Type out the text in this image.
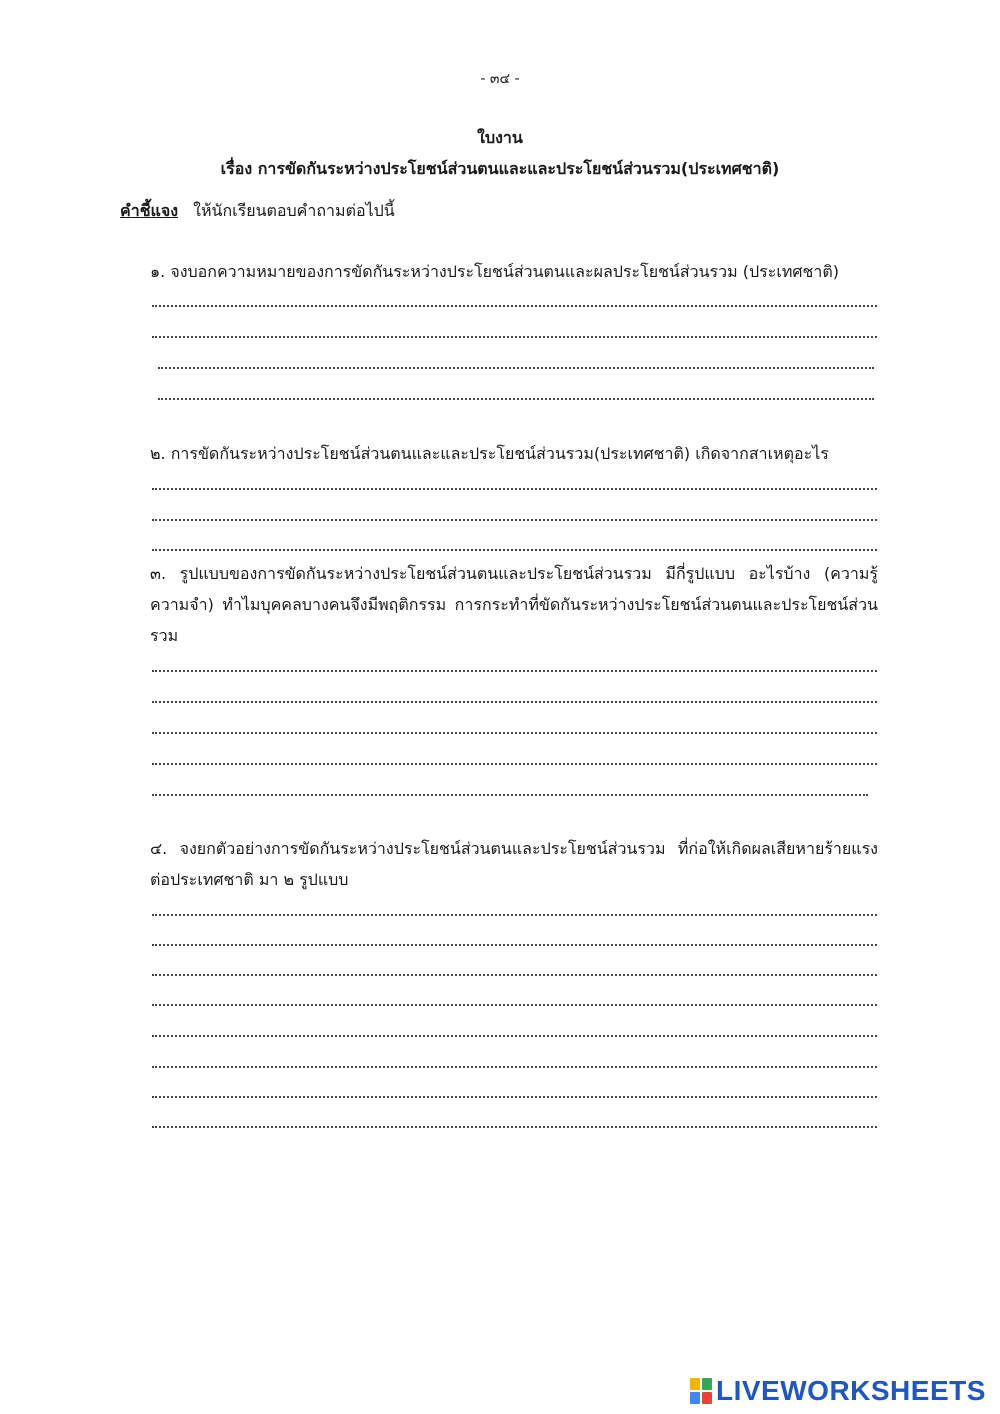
- ๓๔ -
ใบงาน
เรื่อง การขัดกันระหว่างประโยชน์ส่วนตนและและประโยชน์ส่วนรวม(ประเทศชาติ)
คำชี้แจง ให้นักเรียนตอบคำถามต่อไปนี้
๑. จงบอกความหมายของการขัดกันระหว่างประโยชน์ส่วนตนและผลประโยชน์ส่วนรวม (ประเทศชาติ)
๒. การขัดกันระหว่างประโยชน์ส่วนตนและและประโยชน์ส่วนรวม(ประเทศชาติ) เกิดจากสาเหตุอะไร
๓. รูปแบบของการขัดกันระหว่างประโยชน์ส่วนตนและประโยชน์ส่วนรวม มีกี่รูปแบบ อะไรบ้าง (ความรู้ความจำ) ทำไมบุคคลบางคนจึงมีพฤติกรรม การกระทำที่ขัดกันระหว่างประโยชน์ส่วนตนและประโยชน์ส่วนรวม
๔. จงยกตัวอย่างการขัดกันระหว่างประโยชน์ส่วนตนและประโยชน์ส่วนรวม ที่ก่อให้เกิดผลเสียหายร้ายแรงต่อประเทศชาติ มา ๒ รูปแบบ
LIVEWORKSHEETS
